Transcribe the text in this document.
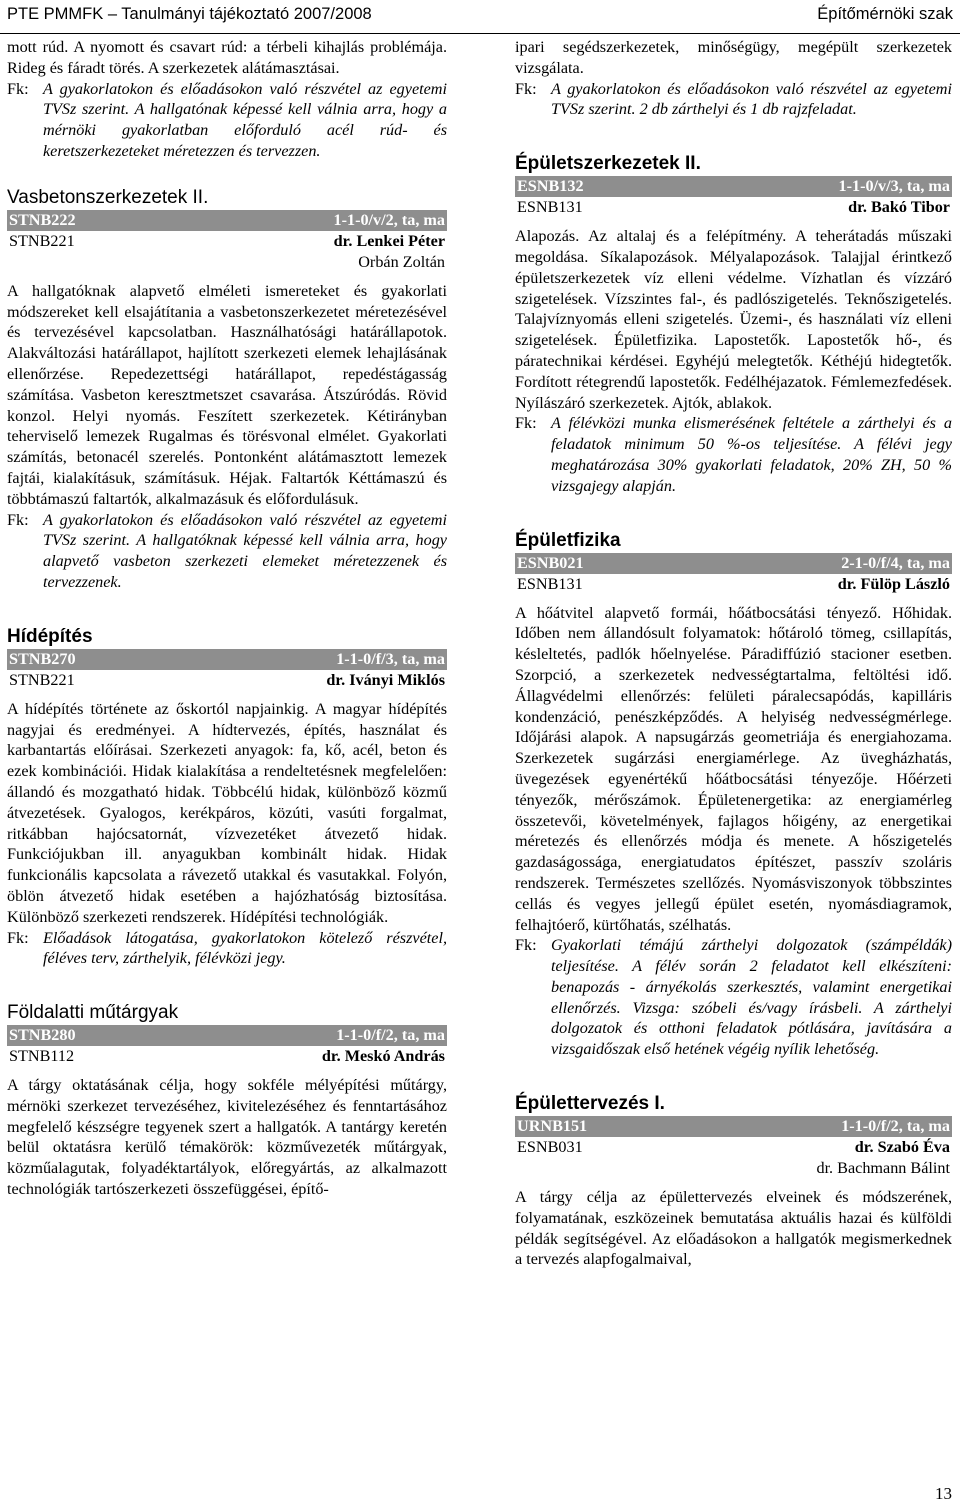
PTE PMMFK – Tanulmányi tájékoztató 2007/2008	Építőmérnöki szak

mott rúd. A nyomott és csavart rúd: a térbeli kihajlás problémája. Rideg és fáradt törés. A szerkezetek alátámasztásai.

Fk: A gyakorlatokon és előadásokon való részvétel az egyetemi TVSz szerint. A hallgatónak képessé kell válnia arra, hogy a mérnöki gyakorlatban előforduló acél rúd- és keretszerkezeteket méretezzen és tervezzen.
Vasbetonszerkezetek II.
STNB222	1-1-0/v/2, ta, ma
STNB221	dr. Lenkei Péter
Orbán Zoltán

A hallgatóknak alapvető elméleti ismereteket és gyakorlati módszereket kell elsajátítania a vasbetonszerkezetet méretezésével és tervezésével kapcsolatban. Használhatósági határállapotok. Alakváltozási határállapot, hajlított szerkezeti elemek lehajlásának ellenőrzése. Repedezettségi határállapot, repedéstágasság számítása. Vasbeton keresztmetszet csavarása. Átszúródás. Rövid konzol. Helyi nyomás. Feszített szerkezetek. Kétirányban teherviselő lemezek Rugalmas és törésvonal elmélet. Gyakorlati számítás, betonacél szerelés. Pontonként alátámasztott lemezek fajtái, kialakításuk, számításuk. Héjak. Faltartók Kéttámaszú és többtámaszú faltartók, alkalmazásuk és előfordulásuk.

Fk: A gyakorlatokon és előadásokon való részvétel az egyetemi TVSz szerint. A hallgatóknak képessé kell válnia arra, hogy alapvető vasbeton szerkezeti elemeket méretezzenek és tervezzenek.
Hídépítés
STNB270	1-1-0/f/3, ta, ma
STNB221	dr. Iványi Miklós

A hídépítés története az őskortól napjainkig. A magyar hídépítés nagyjai és eredményei. A hídtervezés, építés, használat és karbantartás előírásai. Szerkezeti anyagok: fa, kő, acél, beton és ezek kombinációi. Hidak kialakítása a rendeltetésnek megfelelően: állandó és mozgatható hidak. Többcélú hidak, különböző közmű átvezetések. Gyalogos, kerékpáros, közúti, vasúti forgalmat, ritkábban hajócsatornát, vízvezetéket átvezető hidak. Funkciójukban ill. anyagukban kombinált hidak. Hidak funkcionális kapcsolata a rávezető utakkal és vasutakkal. Folyón, öblön átvezető hidak esetében a hajózhatóság biztosítása. Különböző szerkezeti rendszerek. Hídépítési technológiák.

Fk: Előadások látogatása, gyakorlatokon kötelező részvétel, féléves terv, zárthelyik, félévközi jegy.
Földalatti műtárgyak
STNB280	1-1-0/f/2, ta, ma
STNB112	dr. Meskó András

A tárgy oktatásának célja, hogy sokféle mélyépítési műtárgy, mérnöki szerkezet tervezéséhez, kivitelezéséhez és fenntartásához megfelelő készségre tegyenek szert a hallgatók. A tantárgy keretén belül oktatásra kerülő témakörök: közművezeték műtárgyak, közműalagutak, folyadéktartályok, előregyártás, az alkalmazott technológiák tartószerkezeti összefüggései, építő-

ipari segédszerkezetek, minőségügy, megépült szerkezetek vizsgálata.

Fk: A gyakorlatokon és előadásokon való részvétel az egyetemi TVSz szerint. 2 db zárthelyi és 1 db rajzfeladat.
Épületszerkezetek II.
ESNB132	1-1-0/v/3, ta, ma
ESNB131	dr. Bakó Tibor

Alapozás. Az altalaj és a felépítmény. A teherátadás műszaki megoldása. Síkalapozások. Mélyalapozások. Talajjal érintkező épületszerkezetek víz elleni védelme. Vízhatlan és vízzáró szigetelések. Vízszintes fal-, és padlószigetelés. Teknőszigetelés. Talajvíznyomás elleni szigetelés. Üzemi-, és használati víz elleni szigetelések. Épületfizika. Lapostetők. Lapostetők hő-, és páratechnikai kérdései. Egyhéjú melegtetők. Kéthéjú hidegtetők. Fordított rétegrendű lapostetők. Fedélhéjazatok. Fémlemezfedések. Nyílászáró szerkezetek. Ajtók, ablakok.

Fk: A félévközi munka elismerésének feltétele a zárthelyi és a feladatok minimum 50 %-os teljesítése. A félévi jegy meghatározása 30% gyakorlati feladatok, 20% ZH, 50 % vizsgajegy alapján.
Épületfizika
ESNB021	2-1-0/f/4, ta, ma
ESNB131	dr. Fülöp László

A hőátvitel alapvető formái, hőátbocsátási tényező. Hőhidak. Időben nem állandósult folyamatok: hőtároló tömeg, csillapítás, késleltetés, padlók hőelnyelése. Páradiffúzió stacioner esetben. Szorpció, a szerkezetek nedvességtartalma, feltöltési idő. Állagvédelmi ellenőrzés: felületi páralecsapódás, kapilláris kondenzáció, penészképződés. A helyiség nedvességmérlege. Időjárási alapok. A napsugárzás geometriája és energiahozama. Szerkezetek sugárzási energiamérlege. Az üvegházhatás, üvegezések egyenértékű hőátbocsátási tényezője. Hőérzeti tényezők, mérőszámok. Épületenergetika: az energiamérleg összetevői, követelmények, fajlagos hőigény, az energetikai méretezés és ellenőrzés módja és menete. A hőszigetelés gazdaságossága, energiatudatos építészet, passzív szoláris rendszerek. Természetes szellőzés. Nyomásviszonyok többszintes cellás és vegyes jellegű épület esetén, nyomásdiagramok, felhajtóerő, kürtőhatás, szélhatás.

Fk: Gyakorlati témájú zárthelyi dolgozatok (számpéldák) teljesítése. A félév során 2 feladatot kell elkészíteni: benapozás - árnyékolás szerkesztés, valamint energetikai ellenőrzés. Vizsga: szóbeli és/vagy írásbeli. A zárthelyi dolgozatok és otthoni feladatok pótlására, javítására a vizsgaidőszak első hetének végéig nyílik lehetőség.
Épülettervezés I.
URNB151	1-1-0/f/2, ta, ma
ESNB031	dr. Szabó Éva
dr. Bachmann Bálint

A tárgy célja az épülettervezés elveinek és módszerének, folyamatának, eszközeinek bemutatása aktuális hazai és külföldi példák segítségével. Az előadásokon a hallgatók megismerkednek a tervezés alapfogalmaival,

13
